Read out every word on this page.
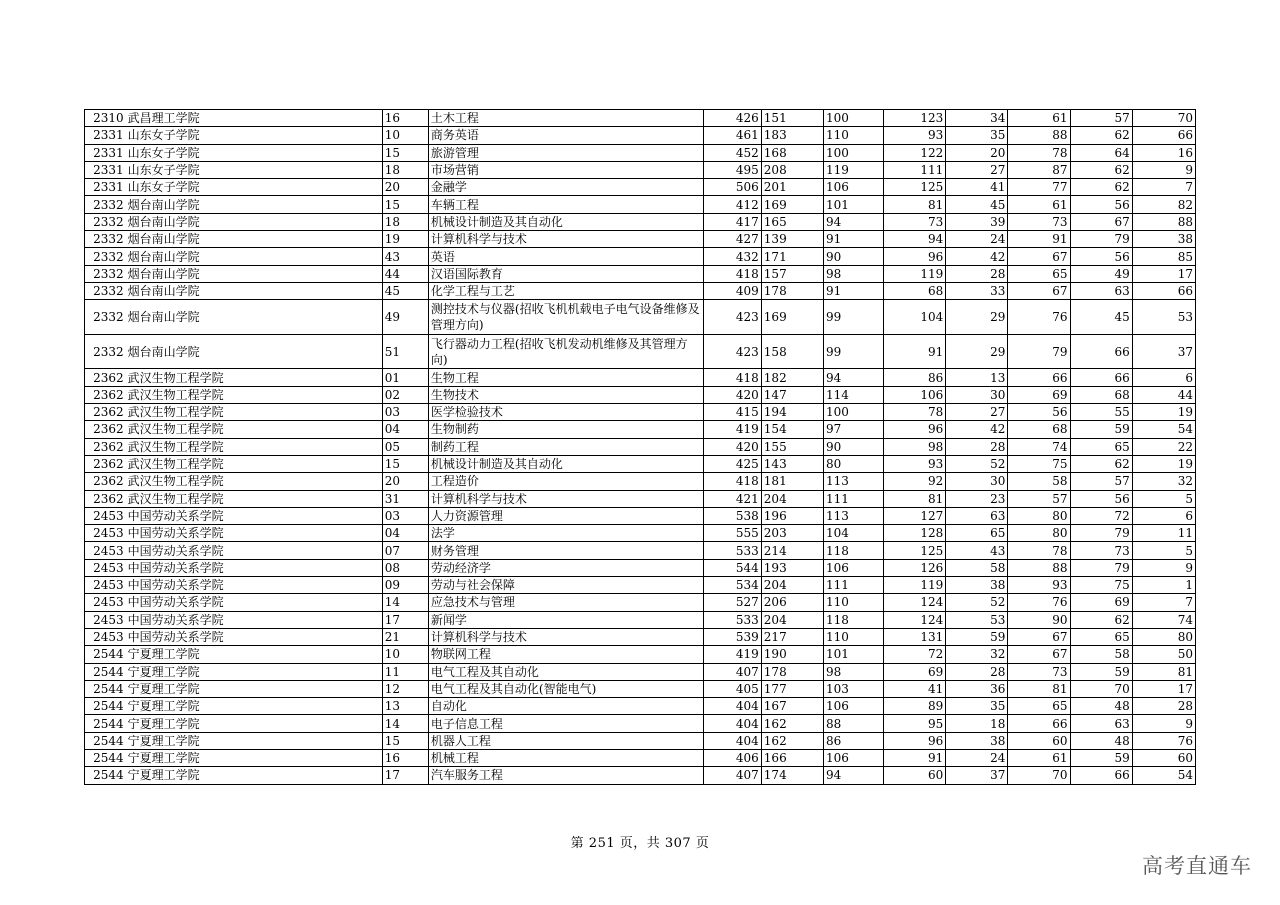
2310	武昌理工学院	16	土木工程	426	151	100	123	34	61	57	70
2331	山东女子学院	10	商务英语	461	183	110	93	35	88	62	66
2331	山东女子学院	15	旅游管理	452	168	100	122	20	78	64	16
2331	山东女子学院	18	市场营销	495	208	119	111	27	87	62	9
2331	山东女子学院	20	金融学	506	201	106	125	41	77	62	7
2332	烟台南山学院	15	车辆工程	412	169	101	81	45	61	56	82
2332	烟台南山学院	18	机械设计制造及其自动化	417	165	94	73	39	73	67	88
2332	烟台南山学院	19	计算机科学与技术	427	139	91	94	24	91	79	38
2332	烟台南山学院	43	英语	432	171	90	96	42	67	56	85
2332	烟台南山学院	44	汉语国际教育	418	157	98	119	28	65	49	17
2332	烟台南山学院	45	化学工程与工艺	409	178	91	68	33	67	63	66
2332	烟台南山学院	49	测控技术与仪器(招收飞机机载电子电气设备维修及管理方向)	423	169	99	104	29	76	45	53
2332	烟台南山学院	51	飞行器动力工程(招收飞机发动机维修及其管理方向)	423	158	99	91	29	79	66	37
2362	武汉生物工程学院	01	生物工程	418	182	94	86	13	66	66	6
2362	武汉生物工程学院	02	生物技术	420	147	114	106	30	69	68	44
2362	武汉生物工程学院	03	医学检验技术	415	194	100	78	27	56	55	19
2362	武汉生物工程学院	04	生物制药	419	154	97	96	42	68	59	54
2362	武汉生物工程学院	05	制药工程	420	155	90	98	28	74	65	22
2362	武汉生物工程学院	15	机械设计制造及其自动化	425	143	80	93	52	75	62	19
2362	武汉生物工程学院	20	工程造价	418	181	113	92	30	58	57	32
2362	武汉生物工程学院	31	计算机科学与技术	421	204	111	81	23	57	56	5
2453	中国劳动关系学院	03	人力资源管理	538	196	113	127	63	80	72	6
2453	中国劳动关系学院	04	法学	555	203	104	128	65	80	79	11
2453	中国劳动关系学院	07	财务管理	533	214	118	125	43	78	73	5
2453	中国劳动关系学院	08	劳动经济学	544	193	106	126	58	88	79	9
2453	中国劳动关系学院	09	劳动与社会保障	534	204	111	119	38	93	75	1
2453	中国劳动关系学院	14	应急技术与管理	527	206	110	124	52	76	69	7
2453	中国劳动关系学院	17	新闻学	533	204	118	124	53	90	62	74
2453	中国劳动关系学院	21	计算机科学与技术	539	217	110	131	59	67	65	80
2544	宁夏理工学院	10	物联网工程	419	190	101	72	32	67	58	50
2544	宁夏理工学院	11	电气工程及其自动化	407	178	98	69	28	73	59	81
2544	宁夏理工学院	12	电气工程及其自动化(智能电气)	405	177	103	41	36	81	70	17
2544	宁夏理工学院	13	自动化	404	167	106	89	35	65	48	28
2544	宁夏理工学院	14	电子信息工程	404	162	88	95	18	66	63	9
2544	宁夏理工学院	15	机器人工程	404	162	86	96	38	60	48	76
2544	宁夏理工学院	16	机械工程	406	166	106	91	24	61	59	60
2544	宁夏理工学院	17	汽车服务工程	407	174	94	60	37	70	66	54
第 251 页，共 307 页
高考直通车
